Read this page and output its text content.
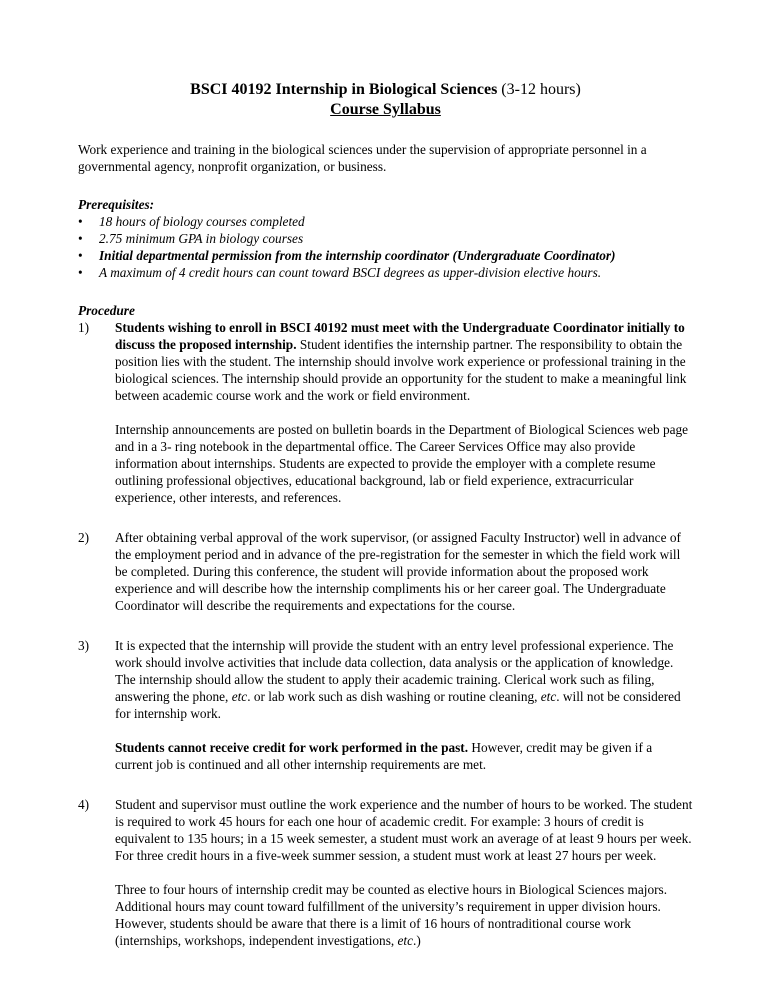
BSCI 40192 Internship in Biological Sciences (3-12 hours)
Course Syllabus

Work experience and training in the biological sciences under the supervision of appropriate personnel in a governmental agency, nonprofit organization, or business.

Prerequisites:
• 18 hours of biology courses completed
• 2.75 minimum GPA in biology courses
• Initial departmental permission from the internship coordinator (Undergraduate Coordinator)
• A maximum of 4 credit hours can count toward BSCI degrees as upper-division elective hours.
Procedure
1) Students wishing to enroll in BSCI 40192 must meet with the Undergraduate Coordinator initially to discuss the proposed internship. Student identifies the internship partner. The responsibility to obtain the position lies with the student. The internship should involve work experience or professional training in the biological sciences. The internship should provide an opportunity for the student to make a meaningful link between academic course work and the work or field environment.

Internship announcements are posted on bulletin boards in the Department of Biological Sciences web page and in a 3- ring notebook in the departmental office. The Career Services Office may also provide information about internships. Students are expected to provide the employer with a complete resume outlining professional objectives, educational background, lab or field experience, extracurricular experience, other interests, and references.

2) After obtaining verbal approval of the work supervisor, (or assigned Faculty Instructor) well in advance of the employment period and in advance of the pre-registration for the semester in which the field work will be completed. During this conference, the student will provide information about the proposed work experience and will describe how the internship compliments his or her career goal. The Undergraduate Coordinator will describe the requirements and expectations for the course.

3) It is expected that the internship will provide the student with an entry level professional experience. The work should involve activities that include data collection, data analysis or the application of knowledge. The internship should allow the student to apply their academic training. Clerical work such as filing, answering the phone, etc. or lab work such as dish washing or routine cleaning, etc. will not be considered for internship work.

Students cannot receive credit for work performed in the past. However, credit may be given if a current job is continued and all other internship requirements are met.

4) Student and supervisor must outline the work experience and the number of hours to be worked. The student is required to work 45 hours for each one hour of academic credit. For example: 3 hours of credit is equivalent to 135 hours; in a 15 week semester, a student must work an average of at least 9 hours per week. For three credit hours in a five-week summer session, a student must work at least 27 hours per week.

Three to four hours of internship credit may be counted as elective hours in Biological Sciences majors. Additional hours may count toward fulfillment of the university’s requirement in upper division hours. However, students should be aware that there is a limit of 16 hours of nontraditional course work (internships, workshops, independent investigations, etc.)
